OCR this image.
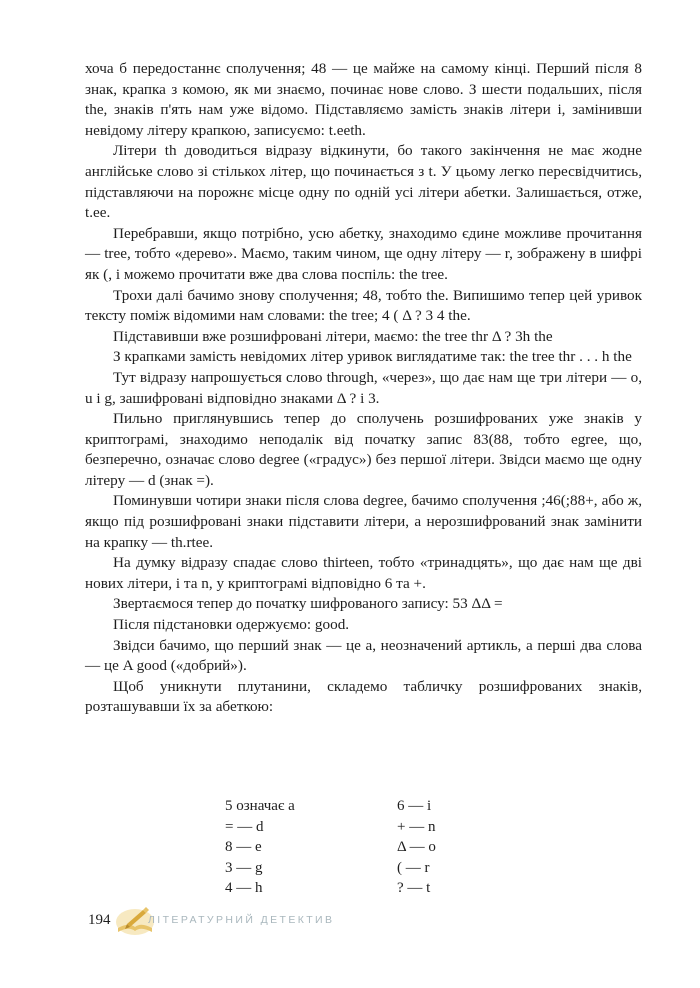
хоча б передостаннє сполучення; 48 — це майже на самому кінці. Перший після 8 знак, крапка з комою, як ми знаємо, починає нове слово. З шести подальших, після the, знаків п'ять нам уже відомо. Підставляємо замість знаків літери і, замінивши невідому літеру крапкою, записуємо: t.eeth.

Літери th доводиться відразу відкинути, бо такого закінчення не має жодне англійське слово зі стількох літер, що починається з t. У цьому легко пересвідчитись, підставляючи на порожнє місце одну по одній усі літери абетки. Залишається, отже, t.ee.

Перебравши, якщо потрібно, усю абетку, знаходимо єдине можливе прочитання — tree, тобто «дерево». Маємо, таким чином, ще одну літеру — r, зображену в шифрі як (, і можемо прочитати вже два слова поспіль: the tree.

Трохи далі бачимо знову сполучення; 48, тобто the. Випишимо тепер цей уривок тексту поміж відомими нам словами: the tree; 4 ( Δ ? 3 4 the.

Підставивши вже розшифровані літери, маємо: the tree thr Δ ? 3h the

З крапками замість невідомих літер уривок виглядатиме так: the tree thr . . . h the

Тут відразу напрошується слово through, «через», що дає нам ще три літери — o, u і g, зашифровані відповідно знаками Δ ? і 3.

Пильно приглянувшись тепер до сполучень розшифрованих уже знаків у криптограмі, знаходимо неподалік від початку запис 83(88, тобто egree, що, безперечно, означає слово degree («градус») без першої літери. Звідси маємо ще одну літеру — d (знак =).

Поминувши чотири знаки після слова degree, бачимо сполучення ;46(;88+, або ж, якщо під розшифровані знаки підставити літери, а нерозшифрований знак замінити на крапку — th.rtee.

На думку відразу спадає слово thirteen, тобто «тринадцять», що дає нам ще дві нових літери, i та n, у криптограмі відповідно 6 та +.

Звертаємося тепер до початку шифрованого запису: 53 ΔΔ =

Після підстановки одержуємо: good.

Звідси бачимо, що перший знак — це a, неозначений артикль, а перші два слова — це A good («добрий»).

Щоб уникнути плутанини, складемо табличку розшифрованих знаків, розташувавши їх за абеткою:

5 означає a	6 — i
= — d	+ — n
8 — e	Δ — o
3 — g	( — r
4 — h	? — t
194	ЛІТЕРАТУРНИЙ ДЕТЕКТИВ
